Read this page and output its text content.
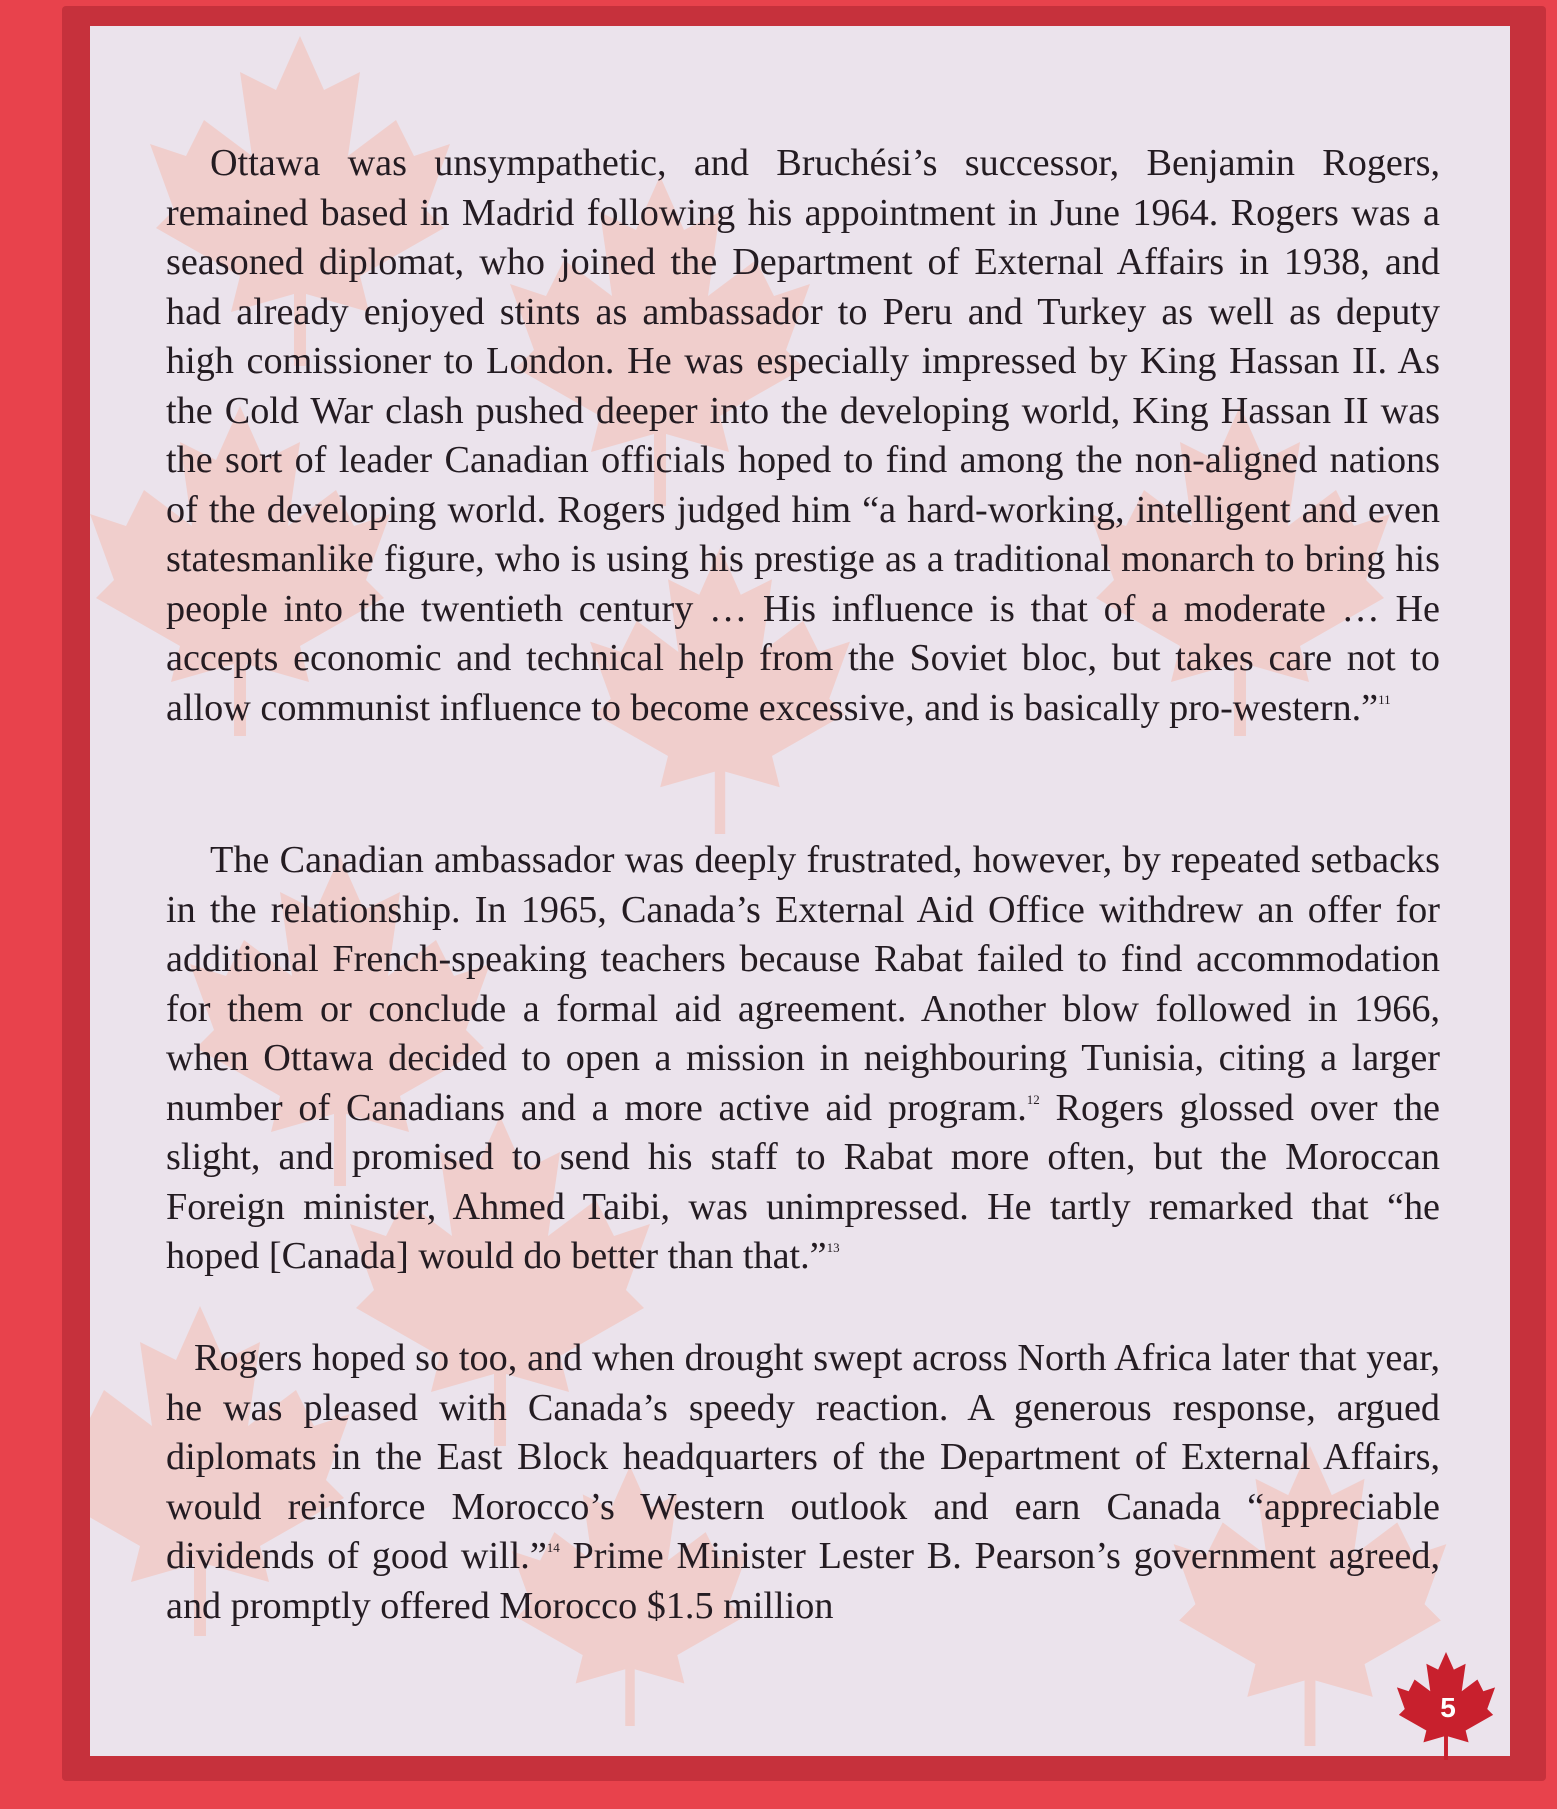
Ottawa was unsympathetic, and Bruchési’s successor, Benjamin Rogers, remained based in Madrid following his appointment in June 1964. Rogers was a seasoned diplomat, who joined the Department of External Affairs in 1938, and had already enjoyed stints as ambassador to Peru and Turkey as well as deputy high comissioner to London. He was especially impressed by King Hassan II. As the Cold War clash pushed deeper into the developing world, King Hassan II was the sort of leader Canadian officials hoped to find among the non-aligned nations of the developing world. Rogers judged him “a hard-working, intelligent and even statesmanlike figure, who is using his prestige as a traditional monarch to bring his people into the twentieth century … His influence is that of a moderate … He accepts economic and technical help from the Soviet bloc, but takes care not to allow communist influence to become excessive, and is basically pro-western.”$^{11}$

The Canadian ambassador was deeply frustrated, however, by repeated setbacks in the relationship. In 1965, Canada’s External Aid Office withdrew an offer for additional French-speaking teachers because Rabat failed to find accommodation for them or conclude a formal aid agreement. Another blow followed in 1966, when Ottawa decided to open a mission in neighbouring Tunisia, citing a larger number of Canadians and a more active aid program.$^{12}$ Rogers glossed over the slight, and promised to send his staff to Rabat more often, but the Moroccan Foreign minister, Ahmed Taibi, was unimpressed. He tartly remarked that “he hoped [Canada] would do better than that.”$^{13}$

Rogers hoped so too, and when drought swept across North Africa later that year, he was pleased with Canada’s speedy reaction. A generous response, argued diplomats in the East Block headquarters of the Department of External Affairs, would reinforce Morocco’s Western outlook and earn Canada “appreciable dividends of good will.”$^{14}$ Prime Minister Lester B. Pearson’s government agreed, and promptly offered Morocco $1.5 million

5
